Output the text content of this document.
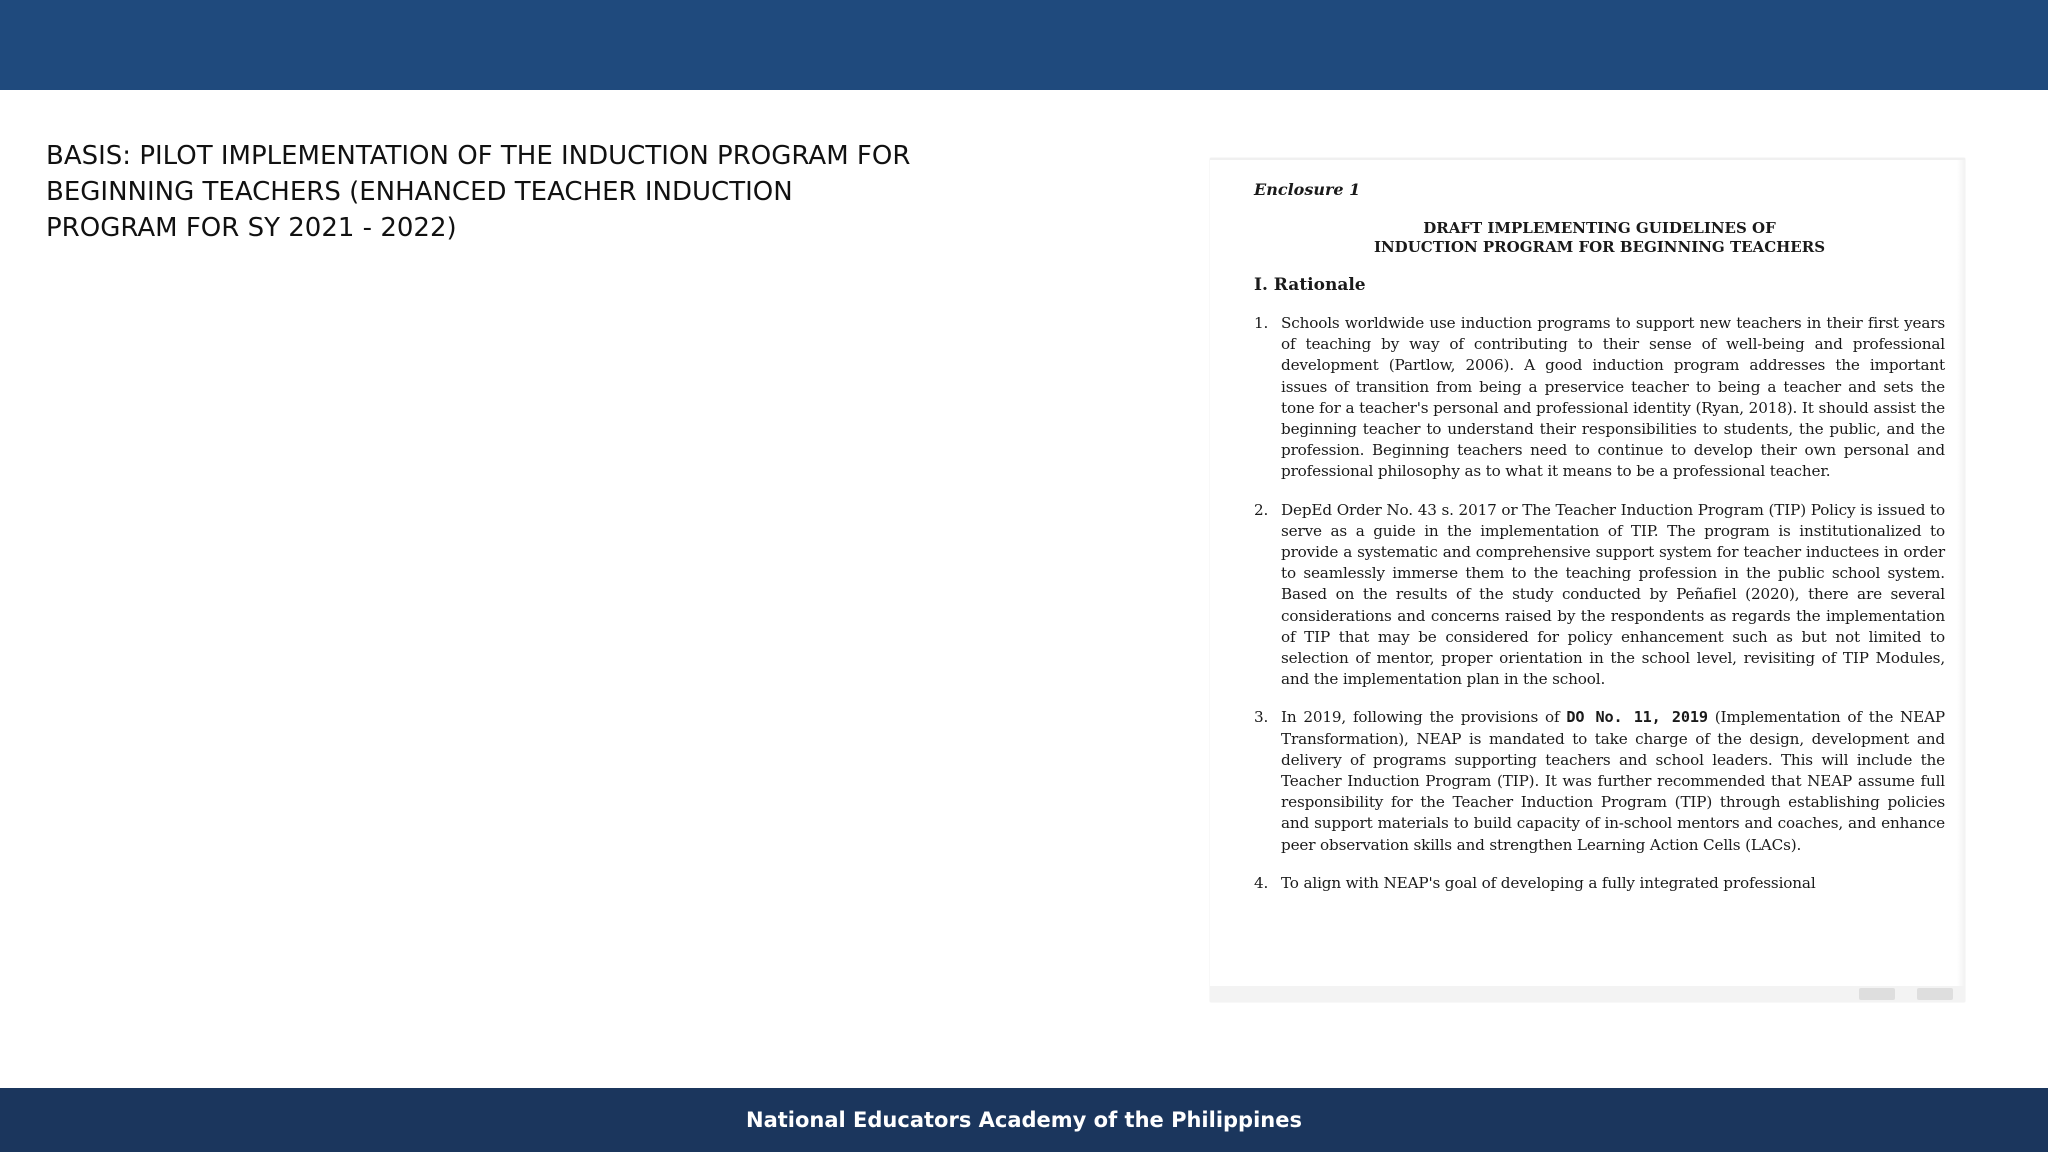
BASIS: PILOT IMPLEMENTATION OF THE INDUCTION PROGRAM FOR
BEGINNING TEACHERS (ENHANCED TEACHER INDUCTION
PROGRAM FOR SY 2021 - 2022)
Enclosure 1
DRAFT IMPLEMENTING GUIDELINES OF
INDUCTION PROGRAM FOR BEGINNING TEACHERS
I. Rationale

1. Schools worldwide use induction programs to support new teachers in their first years of teaching by way of contributing to their sense of well-being and professional development (Partlow, 2006). A good induction program addresses the important issues of transition from being a preservice teacher to being a teacher and sets the tone for a teacher's personal and professional identity (Ryan, 2018). It should assist the beginning teacher to understand their responsibilities to students, the public, and the profession. Beginning teachers need to continue to develop their own personal and professional philosophy as to what it means to be a professional teacher.

2. DepEd Order No. 43 s. 2017 or The Teacher Induction Program (TIP) Policy is issued to serve as a guide in the implementation of TIP. The program is institutionalized to provide a systematic and comprehensive support system for teacher inductees in order to seamlessly immerse them to the teaching profession in the public school system. Based on the results of the study conducted by Peñafiel (2020), there are several considerations and concerns raised by the respondents as regards the implementation of TIP that may be considered for policy enhancement such as but not limited to selection of mentor, proper orientation in the school level, revisiting of TIP Modules, and the implementation plan in the school.

3. In 2019, following the provisions of DO No. 11, 2019 (Implementation of the NEAP Transformation), NEAP is mandated to take charge of the design, development and delivery of programs supporting teachers and school leaders. This will include the Teacher Induction Program (TIP). It was further recommended that NEAP assume full responsibility for the Teacher Induction Program (TIP) through establishing policies and support materials to build capacity of in-school mentors and coaches, and enhance peer observation skills and strengthen Learning Action Cells (LACs).

4. To align with NEAP's goal of developing a fully integrated professional

National Educators Academy of the Philippines
